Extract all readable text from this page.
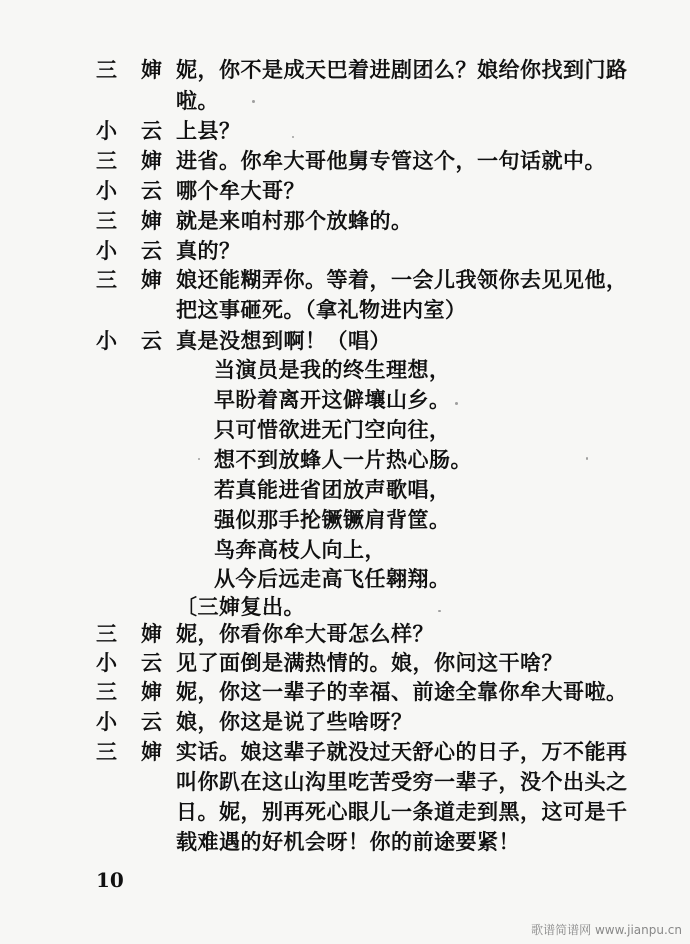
三 婶 妮，你不是成天巴着进剧团么？娘给你找到门路
啦。
小 云 上县？
三 婶 进省。你牟大哥他舅专管这个，一句话就中。
小 云 哪个牟大哥？
三 婶 就是来咱村那个放蜂的。
小 云 真的？
三 婶 娘还能糊弄你。等着，一会儿我领你去见见他，
把这事砸死。（拿礼物进内室）
小 云 真是没想到啊！（唱）
当演员是我的终生理想，
早盼着离开这僻壤山乡。
只可惜欲进无门空向往，
想不到放蜂人一片热心肠。
若真能进省团放声歌唱，
强似那手抡镢镢肩背筐。
鸟奔高枝人向上，
从今后远走高飞任翱翔。
〔三婶复出。
三 婶 妮，你看你牟大哥怎么样？
小 云 见了面倒是满热情的。娘，你问这干啥？
三 婶 妮，你这一辈子的幸福、前途全靠你牟大哥啦。
小 云 娘，你这是说了些啥呀？
三 婶 实话。娘这辈子就没过天舒心的日子，万不能再
叫你趴在这山沟里吃苦受穷一辈子，没个出头之
日。妮，别再死心眼儿一条道走到黑，这可是千
载难遇的好机会呀！你的前途要紧！
10
歌谱简谱网 www.jianpu.cn
